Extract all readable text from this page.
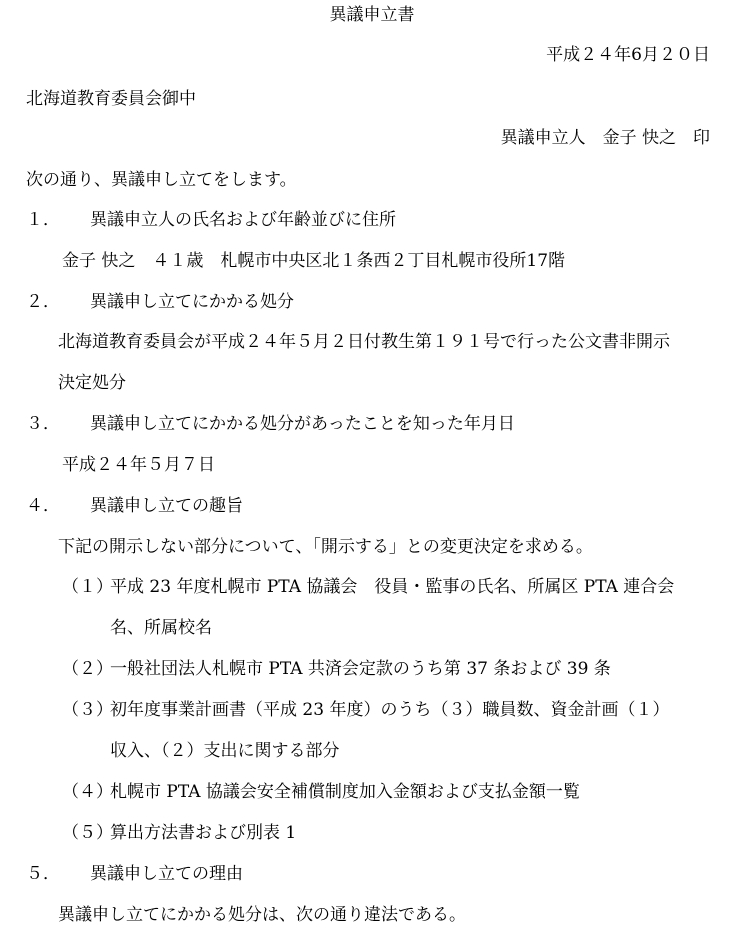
異議申立書
平成２４年6月２０日
北海道教育委員会御中
異議申立人　金子 快之　印
次の通り、異議申し立てをします。
１． 異議申立人の氏名および年齢並びに住所
金子 快之　４１歳　札幌市中央区北１条西２丁目札幌市役所17階
２． 異議申し立てにかかる処分
北海道教育委員会が平成２４年５月２日付教生第１９１号で行った公文書非開示
決定処分
３． 異議申し立てにかかる処分があったことを知った年月日
平成２４年５月７日
４． 異議申し立ての趣旨
下記の開示しない部分について、「開示する」との変更決定を求める。
（１）
平成 23 年度札幌市 PTA 協議会　役員・監事の氏名、所属区 PTA 連合会
名、所属校名
（２）
一般社団法人札幌市 PTA 共済会定款のうち第 37 条および 39 条
（３）
初年度事業計画書（平成 23 年度）のうち（３）職員数、資金計画（１）
収入、（２）支出に関する部分
（４）
札幌市 PTA 協議会安全補償制度加入金額および支払金額一覧
（５）
算出方法書および別表 1
５． 異議申し立ての理由
異議申し立てにかかる処分は、次の通り違法である。
